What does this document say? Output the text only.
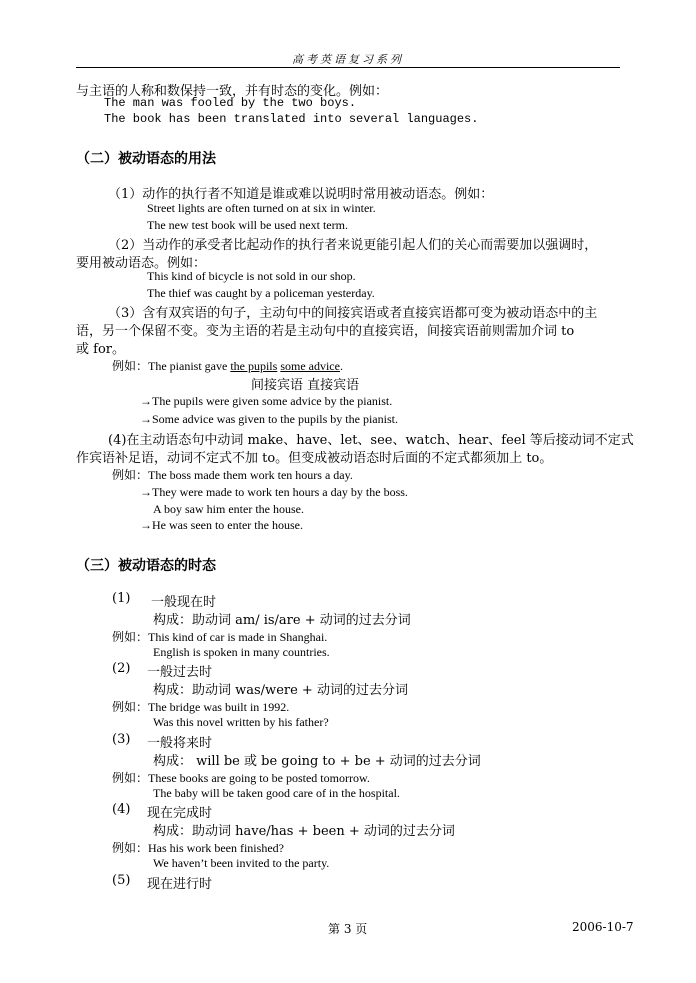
高考英语复习系列
与主语的人称和数保持一致，并有时态的变化。例如：
The man was fooled by the two boys.
The book has been translated into several languages.
（二）被动语态的用法
（1）动作的执行者不知道是谁或难以说明时常用被动语态。例如：
Street lights are often turned on at six in winter.
The new test book will be used next term.
（2）当动作的承受者比起动作的执行者来说更能引起人们的关心而需要加以强调时，
要用被动语态。例如：
This kind of bicycle is not sold in our shop.
The thief was caught by a policeman yesterday.
（3）含有双宾语的句子，主动句中的间接宾语或者直接宾语都可变为被动语态中的主
语，另一个保留不变。变为主语的若是主动句中的直接宾语，间接宾语前则需加介词 to
或 for。
例如：The pianist gave the pupils some advice.
间接宾语 直接宾语
→The pupils were given some advice by the pianist.
→Some advice was given to the pupils by the pianist.
(4)在主动语态句中动词 make、have、let、see、watch、hear、feel 等后接动词不定式
作宾语补足语，动词不定式不加 to。但变成被动语态时后面的不定式都须加上 to。
例如：The boss made them work ten hours a day.
→They were made to work ten hours a day by the boss.
A boy saw him enter the house.
→He was seen to enter the house.
（三）被动语态的时态
(1) 一般现在时
构成：助动词 am/ is/are + 动词的过去分词
例如：This kind of car is made in Shanghai.
English is spoken in many countries.
(2) 一般过去时
构成：助动词 was/were + 动词的过去分词
例如：The bridge was built in 1992.
Was this novel written by his father?
(3) 一般将来时
构成： will be 或 be going to + be + 动词的过去分词
例如：These books are going to be posted tomorrow.
The baby will be taken good care of in the hospital.
(4) 现在完成时
构成：助动词 have/has + been + 动词的过去分词
例如：Has his work been finished?
We haven’t been invited to the party.
(5) 现在进行时
第 3 页	2006-10-7
